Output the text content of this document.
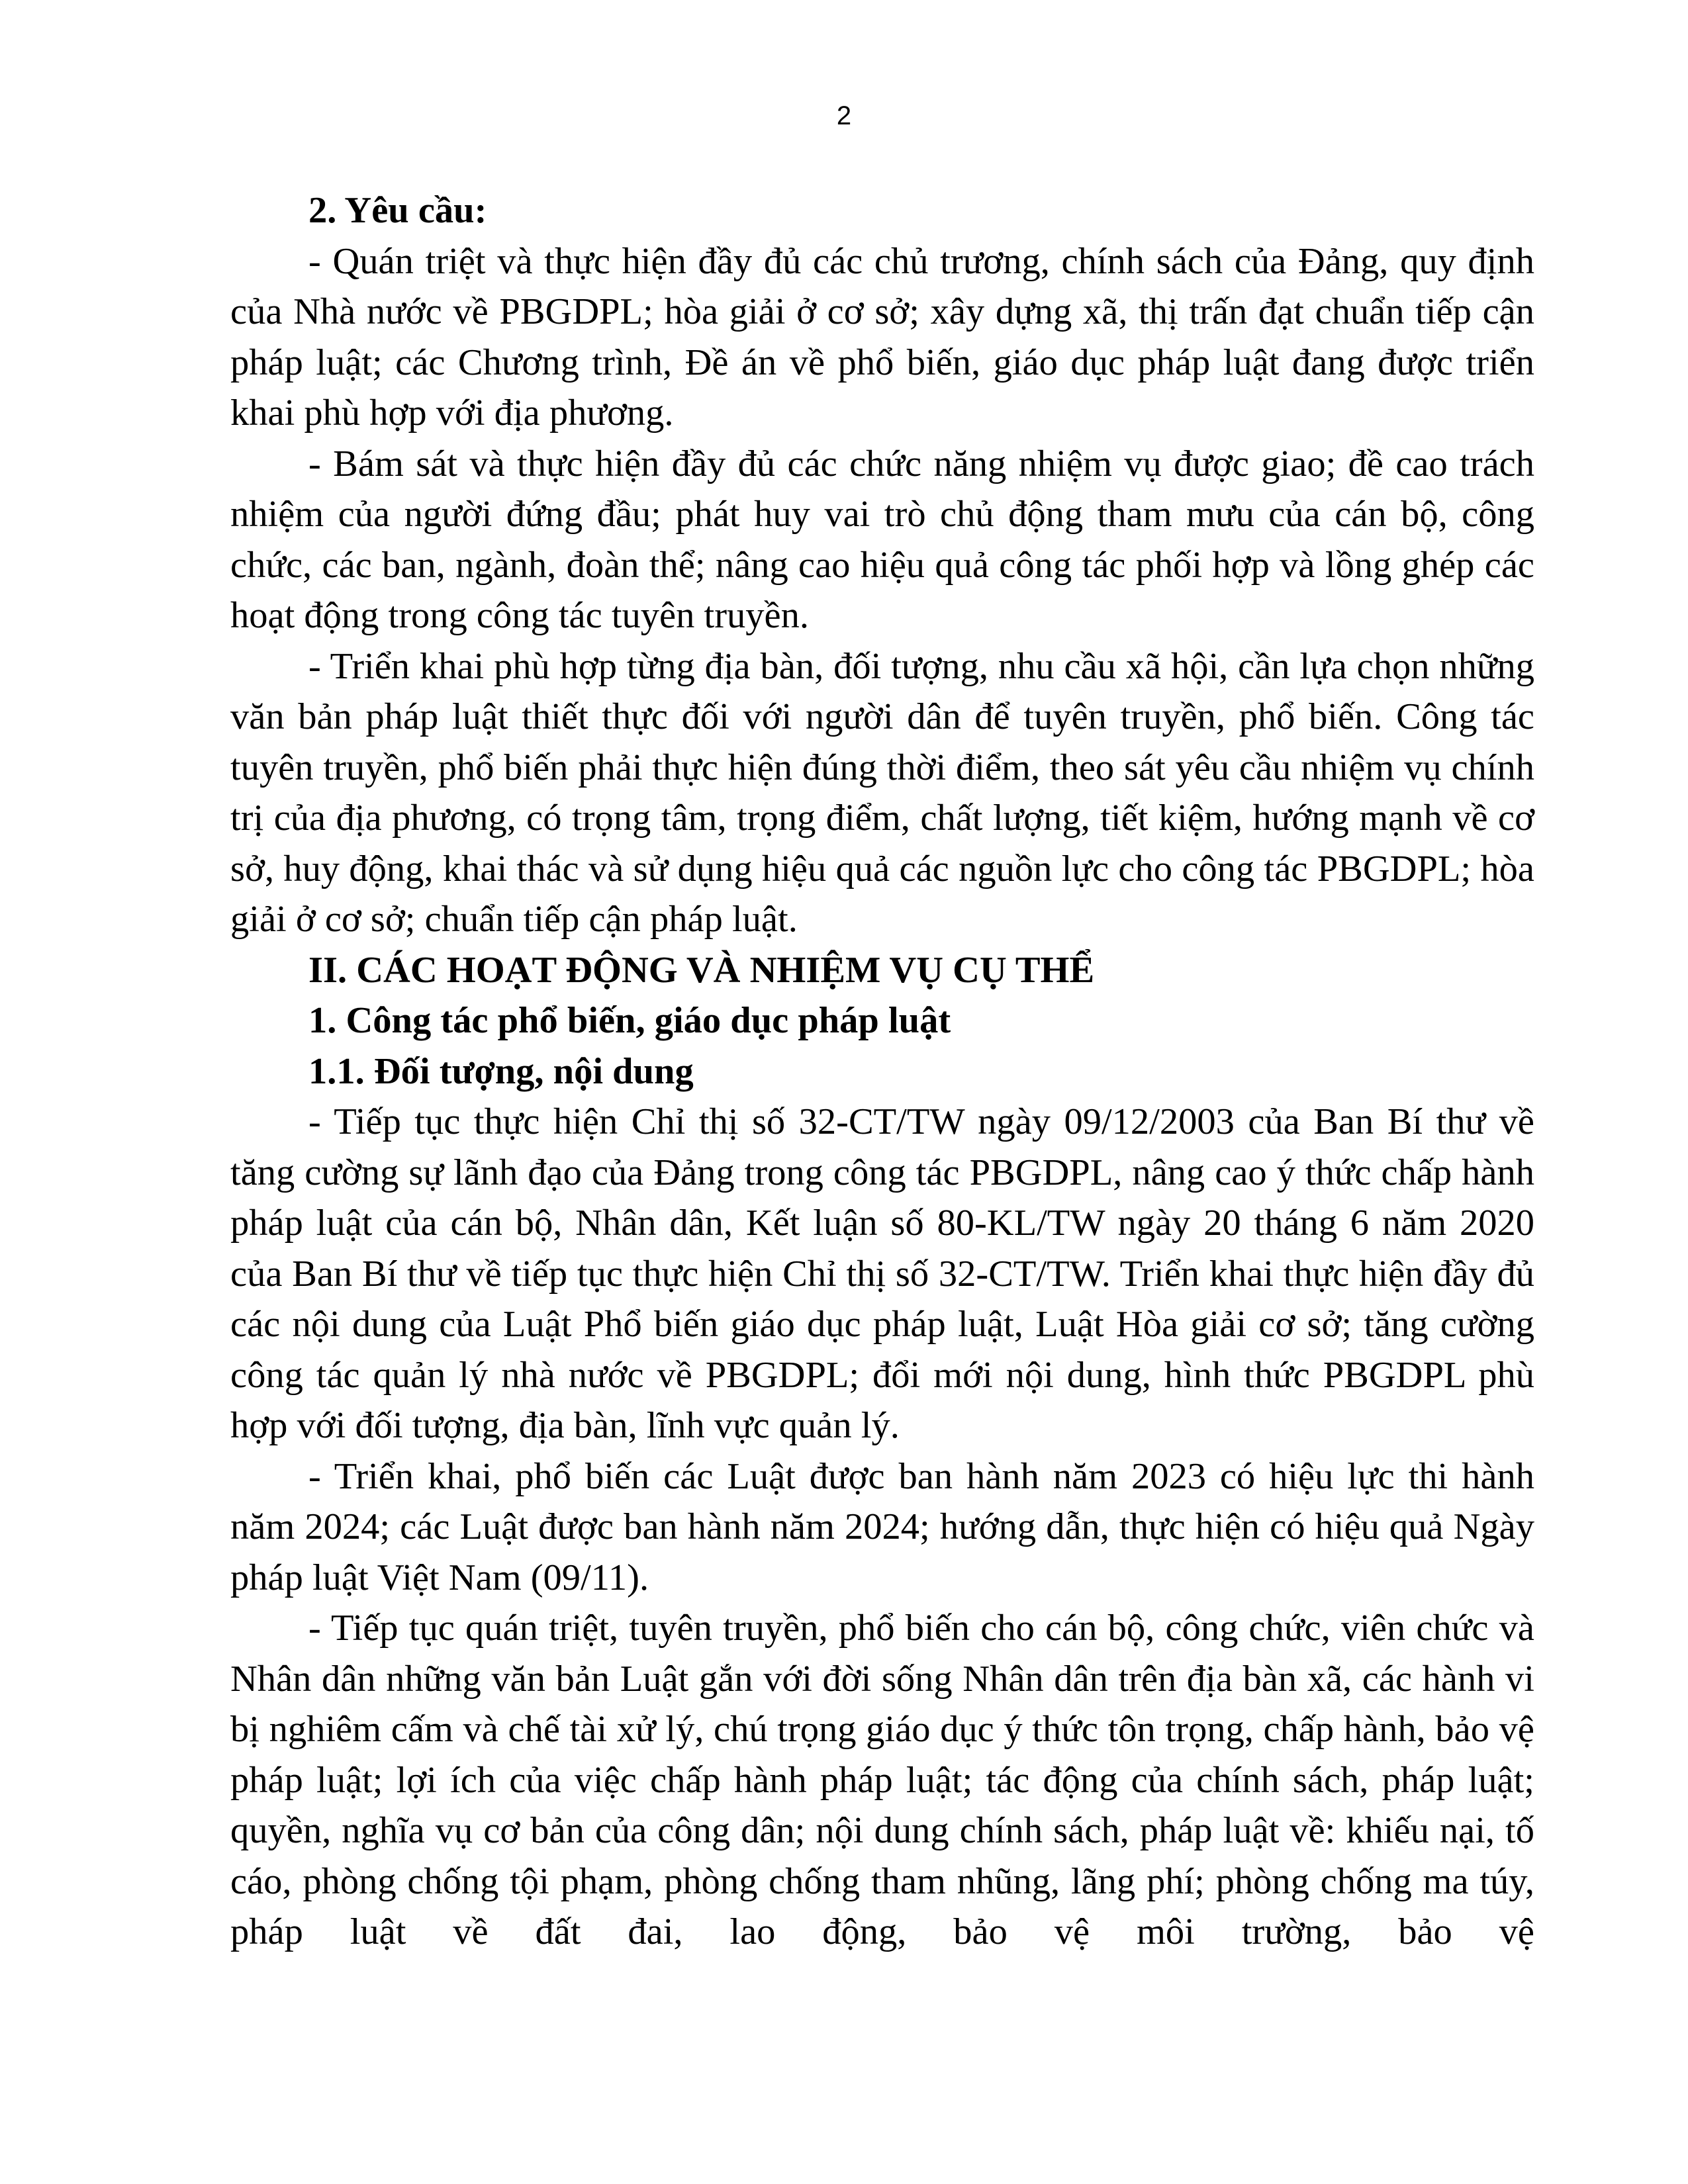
2

2. Yêu cầu:

- Quán triệt và thực hiện đầy đủ các chủ trương, chính sách của Đảng, quy định của Nhà nước về PBGDPL; hòa giải ở cơ sở; xây dựng xã, thị trấn đạt chuẩn tiếp cận pháp luật; các Chương trình, Đề án về phổ biến, giáo dục pháp luật đang được triển khai phù hợp với địa phương.

- Bám sát và thực hiện đầy đủ các chức năng nhiệm vụ được giao; đề cao trách nhiệm của người đứng đầu; phát huy vai trò chủ động tham mưu của cán bộ, công chức, các ban, ngành, đoàn thể; nâng cao hiệu quả công tác phối hợp và lồng ghép các hoạt động trong công tác tuyên truyền.

- Triển khai phù hợp từng địa bàn, đối tượng, nhu cầu xã hội, cần lựa chọn những văn bản pháp luật thiết thực đối với người dân để tuyên truyền, phổ biến. Công tác tuyên truyền, phổ biến phải thực hiện đúng thời điểm, theo sát yêu cầu nhiệm vụ chính trị của địa phương, có trọng tâm, trọng điểm, chất lượng, tiết kiệm, hướng mạnh về cơ sở, huy động, khai thác và sử dụng hiệu quả các nguồn lực cho công tác PBGDPL; hòa giải ở cơ sở; chuẩn tiếp cận pháp luật.

II. CÁC HOẠT ĐỘNG VÀ NHIỆM VỤ CỤ THỂ

1. Công tác phổ biến, giáo dục pháp luật

1.1. Đối tượng, nội dung

- Tiếp tục thực hiện Chỉ thị số 32-CT/TW ngày 09/12/2003 của Ban Bí thư về tăng cường sự lãnh đạo của Đảng trong công tác PBGDPL, nâng cao ý thức chấp hành pháp luật của cán bộ, Nhân dân, Kết luận số 80-KL/TW ngày 20 tháng 6 năm 2020 của Ban Bí thư về tiếp tục thực hiện Chỉ thị số 32-CT/TW. Triển khai thực hiện đầy đủ các nội dung của Luật Phổ biến giáo dục pháp luật, Luật Hòa giải cơ sở; tăng cường công tác quản lý nhà nước về PBGDPL; đổi mới nội dung, hình thức PBGDPL phù hợp với đối tượng, địa bàn, lĩnh vực quản lý.

- Triển khai, phổ biến các Luật được ban hành năm 2023 có hiệu lực thi hành năm 2024; các Luật được ban hành năm 2024; hướng dẫn, thực hiện có hiệu quả Ngày pháp luật Việt Nam (09/11).

- Tiếp tục quán triệt, tuyên truyền, phổ biến cho cán bộ, công chức, viên chức và Nhân dân những văn bản Luật gắn với đời sống Nhân dân trên địa bàn xã, các hành vi bị nghiêm cấm và chế tài xử lý, chú trọng giáo dục ý thức tôn trọng, chấp hành, bảo vệ pháp luật; lợi ích của việc chấp hành pháp luật; tác động của chính sách, pháp luật; quyền, nghĩa vụ cơ bản của công dân; nội dung chính sách, pháp luật về: khiếu nại, tố cáo, phòng chống tội phạm, phòng chống tham nhũng, lãng phí; phòng chống ma túy, pháp luật về đất đai, lao động, bảo vệ môi trường, bảo vệ
